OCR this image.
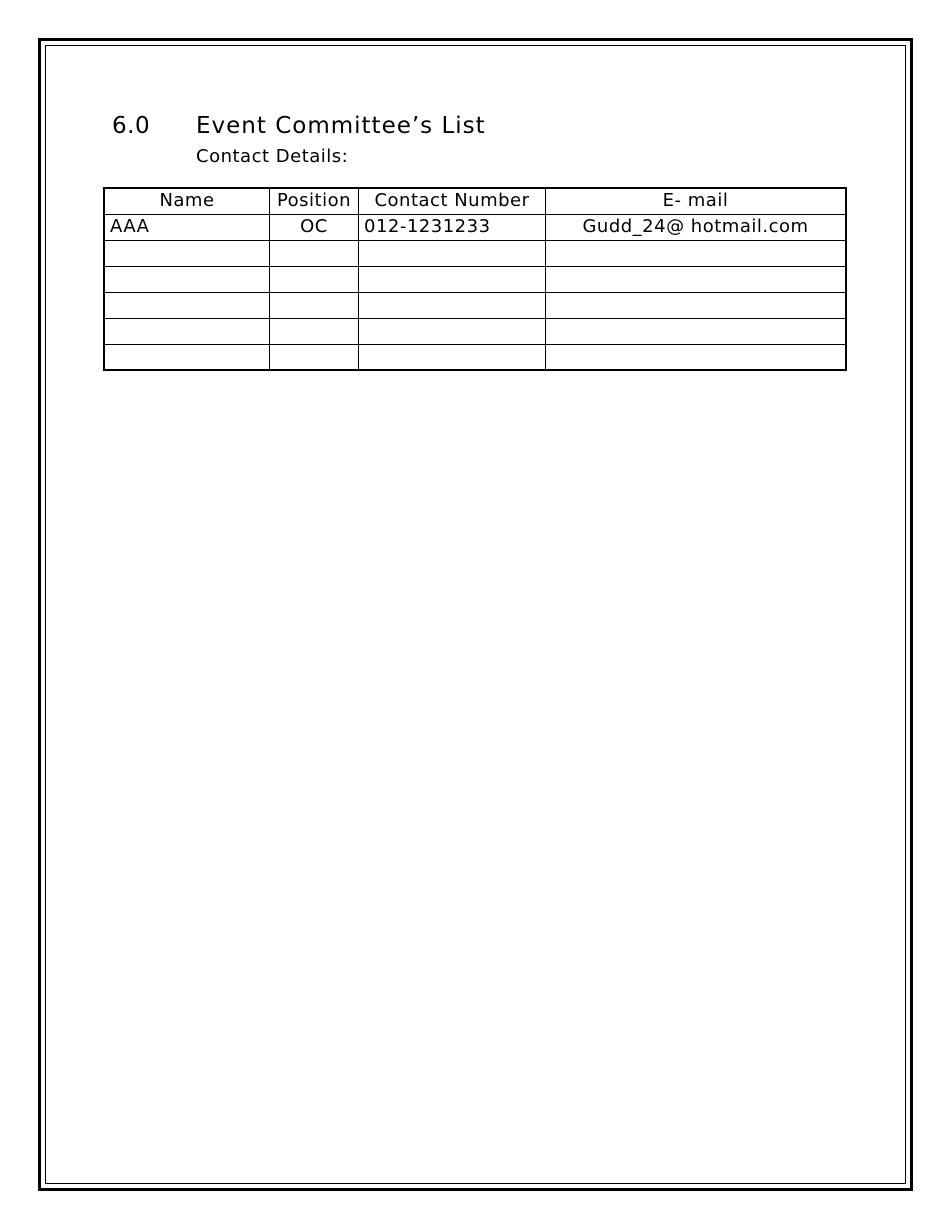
6.0 Event Committee’s List
Contact Details:
Name	Position	Contact Number	E- mail
AAA	OC	012-1231233	Gudd_24@ hotmail.com
